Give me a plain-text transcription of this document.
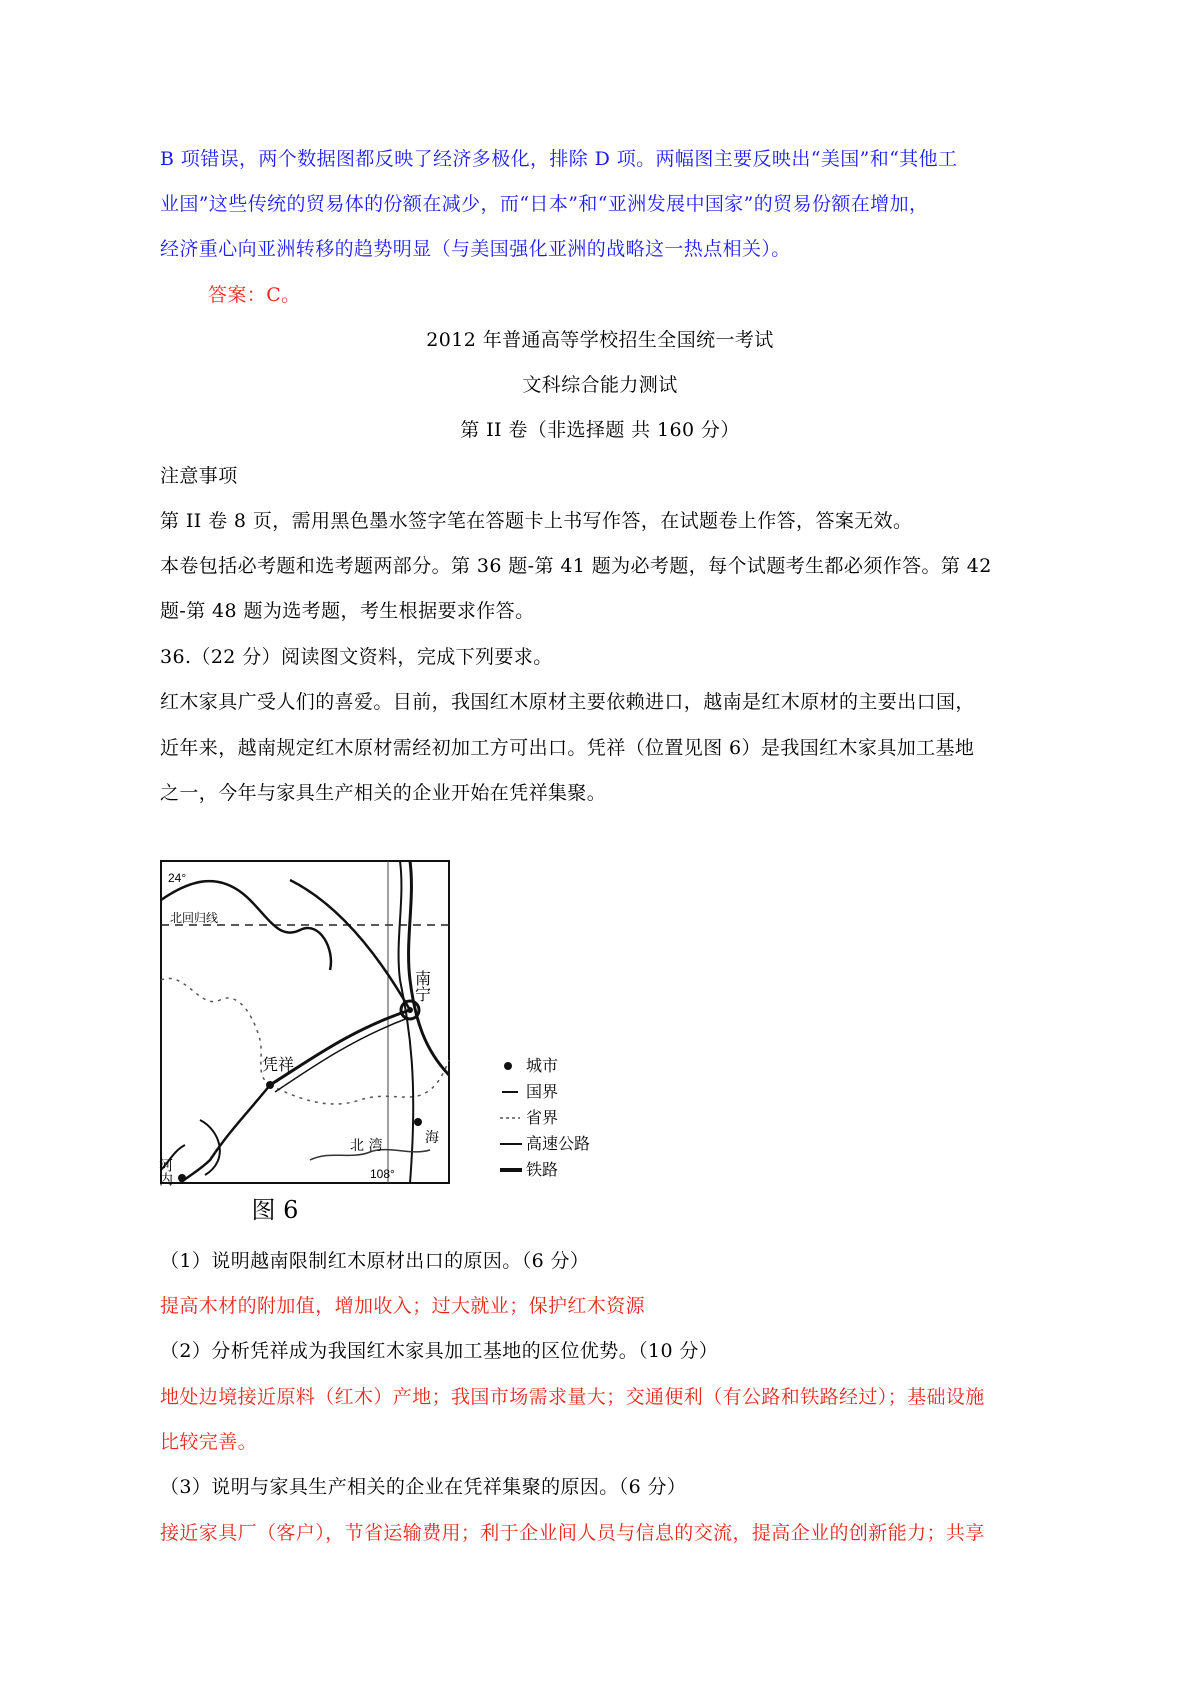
B 项错误，两个数据图都反映了经济多极化，排除 D 项。两幅图主要反映出“美国”和“其他工
业国”这些传统的贸易体的份额在减少，而“日本”和“亚洲发展中国家”的贸易份额在增加，
经济重心向亚洲转移的趋势明显（与美国强化亚洲的战略这一热点相关）。
答案：C。
2012 年普通高等学校招生全国统一考试
文科综合能力测试
第 II 卷（非选择题 共 160 分）
注意事项
第 II 卷 8 页，需用黑色墨水签字笔在答题卡上书写作答，在试题卷上作答，答案无效。
本卷包括必考题和选考题两部分。第 36 题-第 41 题为必考题，每个试题考生都必须作答。第 42
题-第 48 题为选考题，考生根据要求作答。
36.（22 分）阅读图文资料，完成下列要求。
红木家具广受人们的喜爱。目前，我国红木原材主要依赖进口，越南是红木原材的主要出口国，
近年来，越南规定红木原材需经初加工方可出口。凭祥（位置见图 6）是我国红木家具加工基地
之一，今年与家具生产相关的企业开始在凭祥集聚。
24°
北回归线
南宁
凭祥
河内
北 湾	海
108°
图 6
城市
国界
省界
高速公路
铁路
（1）说明越南限制红木原材出口的原因。（6 分）
提高木材的附加值，增加收入；过大就业；保护红木资源
（2）分析凭祥成为我国红木家具加工基地的区位优势。（10 分）
地处边境接近原料（红木）产地；我国市场需求量大；交通便利（有公路和铁路经过）；基础设施
比较完善。
（3）说明与家具生产相关的企业在凭祥集聚的原因。（6 分）
接近家具厂（客户），节省运输费用；利于企业间人员与信息的交流，提高企业的创新能力；共享
